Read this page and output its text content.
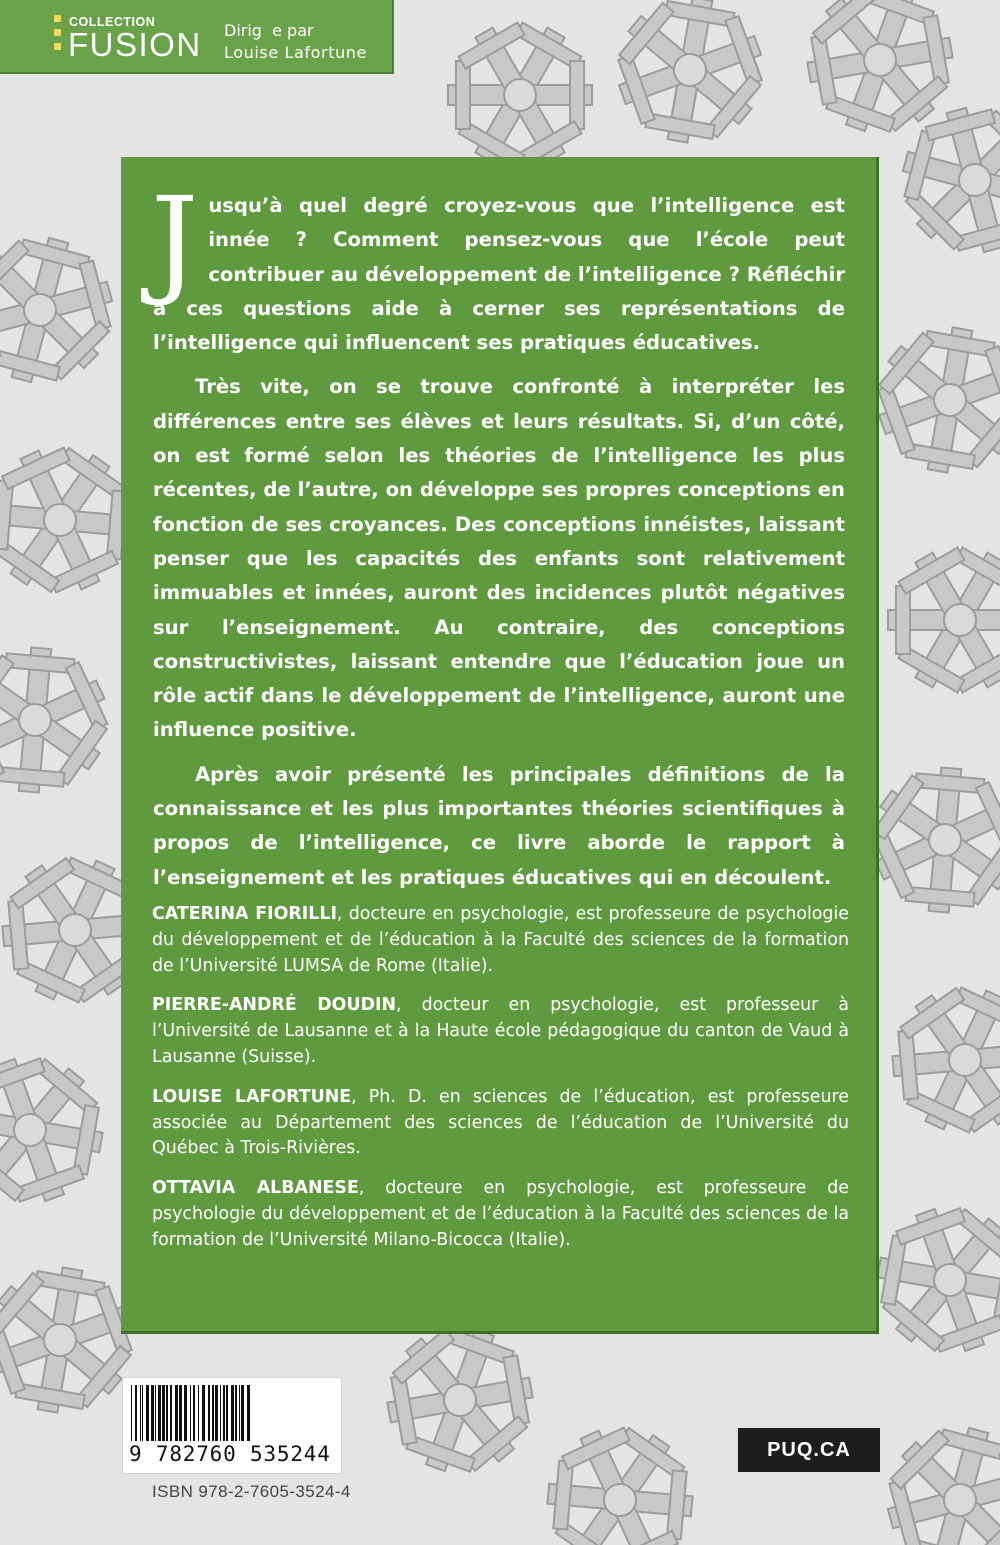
COLLECTION
FUSION Dirig  e par
Louise Lafortune

Jusqu’à quel degré croyez-vous que l’intelligence est innée ? Comment pensez-vous que l’école peut contribuer au développement de l’intelligence ? Réfléchir à ces questions aide à cerner ses représentations de l’intelligence qui influencent ses pratiques éducatives.

Très vite, on se trouve confronté à interpréter les différences entre ses élèves et leurs résultats. Si, d’un côté, on est formé selon les théories de l’intelligence les plus récentes, de l’autre, on développe ses propres conceptions en fonction de ses croyances. Des conceptions innéistes, laissant penser que les capacités des enfants sont relativement immuables et innées, auront des incidences plutôt négatives sur l’enseignement. Au contraire, des conceptions constructivistes, laissant entendre que l’éducation joue un rôle actif dans le développement de l’intelligence, auront une influence positive.

Après avoir présenté les principales définitions de la connaissance et les plus importantes théories scientifiques à propos de l’intelligence, ce livre aborde le rapport à l’enseignement et les pratiques éducatives qui en découlent.

CATERINA FIORILLI, docteure en psychologie, est professeure de psychologie du développement et de l’éducation à la Faculté des sciences de la formation de l’Université LUMSA de Rome (Italie).

PIERRE-ANDRÉ DOUDIN, docteur en psychologie, est professeur à l’Université de Lausanne et à la Haute école pédagogique du canton de Vaud à Lausanne (Suisse).

LOUISE LAFORTUNE, Ph. D. en sciences de l’éducation, est professeure associée au Département des sciences de l’éducation de l’Université du Québec à Trois-Rivières.

OTTAVIA ALBANESE, docteure en psychologie, est professeure de psychologie du développement et de l’éducation à la Faculté des sciences de la formation de l’Université Milano-Bicocca (Italie).

9 782760 535244
ISBN 978-2-7605-3524-4
PUQ.CA
